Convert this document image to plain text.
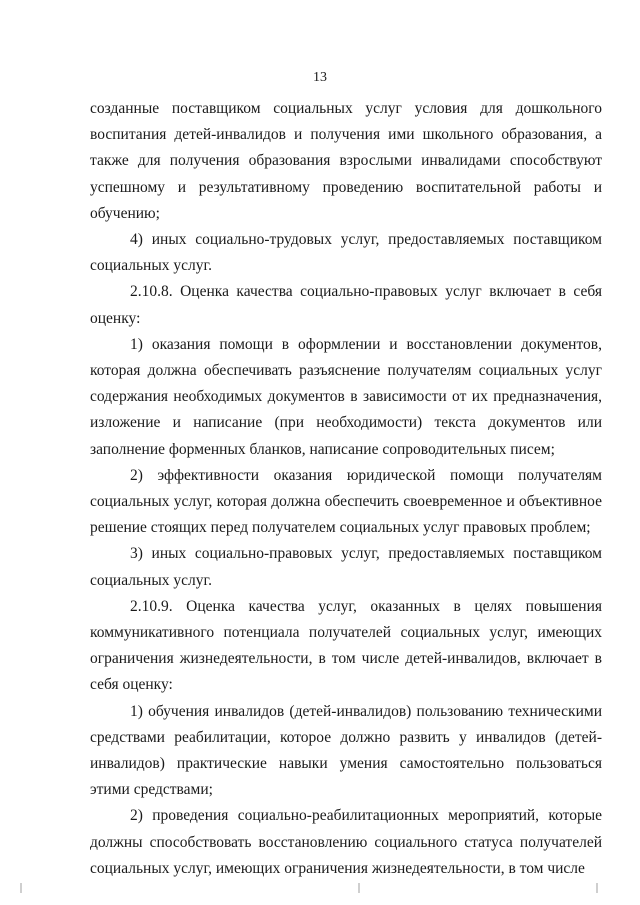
13

созданные поставщиком социальных услуг условия для дошкольного воспитания детей-инвалидов и получения ими школьного образования, а также для получения образования взрослыми инвалидами способствуют успешному и результативному проведению воспитательной работы и обучению;

4) иных социально-трудовых услуг, предоставляемых поставщиком социальных услуг.

2.10.8. Оценка качества социально-правовых услуг включает в себя оценку:

1) оказания помощи в оформлении и восстановлении документов, которая должна обеспечивать разъяснение получателям социальных услуг содержания необходимых документов в зависимости от их предназначения, изложение и написание (при необходимости) текста документов или заполнение форменных бланков, написание сопроводительных писем;

2) эффективности оказания юридической помощи получателям социальных услуг, которая должна обеспечить своевременное и объективное решение стоящих перед получателем социальных услуг правовых проблем;

3) иных социально-правовых услуг, предоставляемых поставщиком социальных услуг.

2.10.9. Оценка качества услуг, оказанных в целях повышения коммуникативного потенциала получателей социальных услуг, имеющих ограничения жизнедеятельности, в том числе детей-инвалидов, включает в себя оценку:

1) обучения инвалидов (детей-инвалидов) пользованию техническими средствами реабилитации, которое должно развить у инвалидов (детей-инвалидов) практические навыки умения самостоятельно пользоваться этими средствами;

2) проведения социально-реабилитационных мероприятий, которые должны способствовать восстановлению социального статуса получателей социальных услуг, имеющих ограничения жизнедеятельности, в том числе
